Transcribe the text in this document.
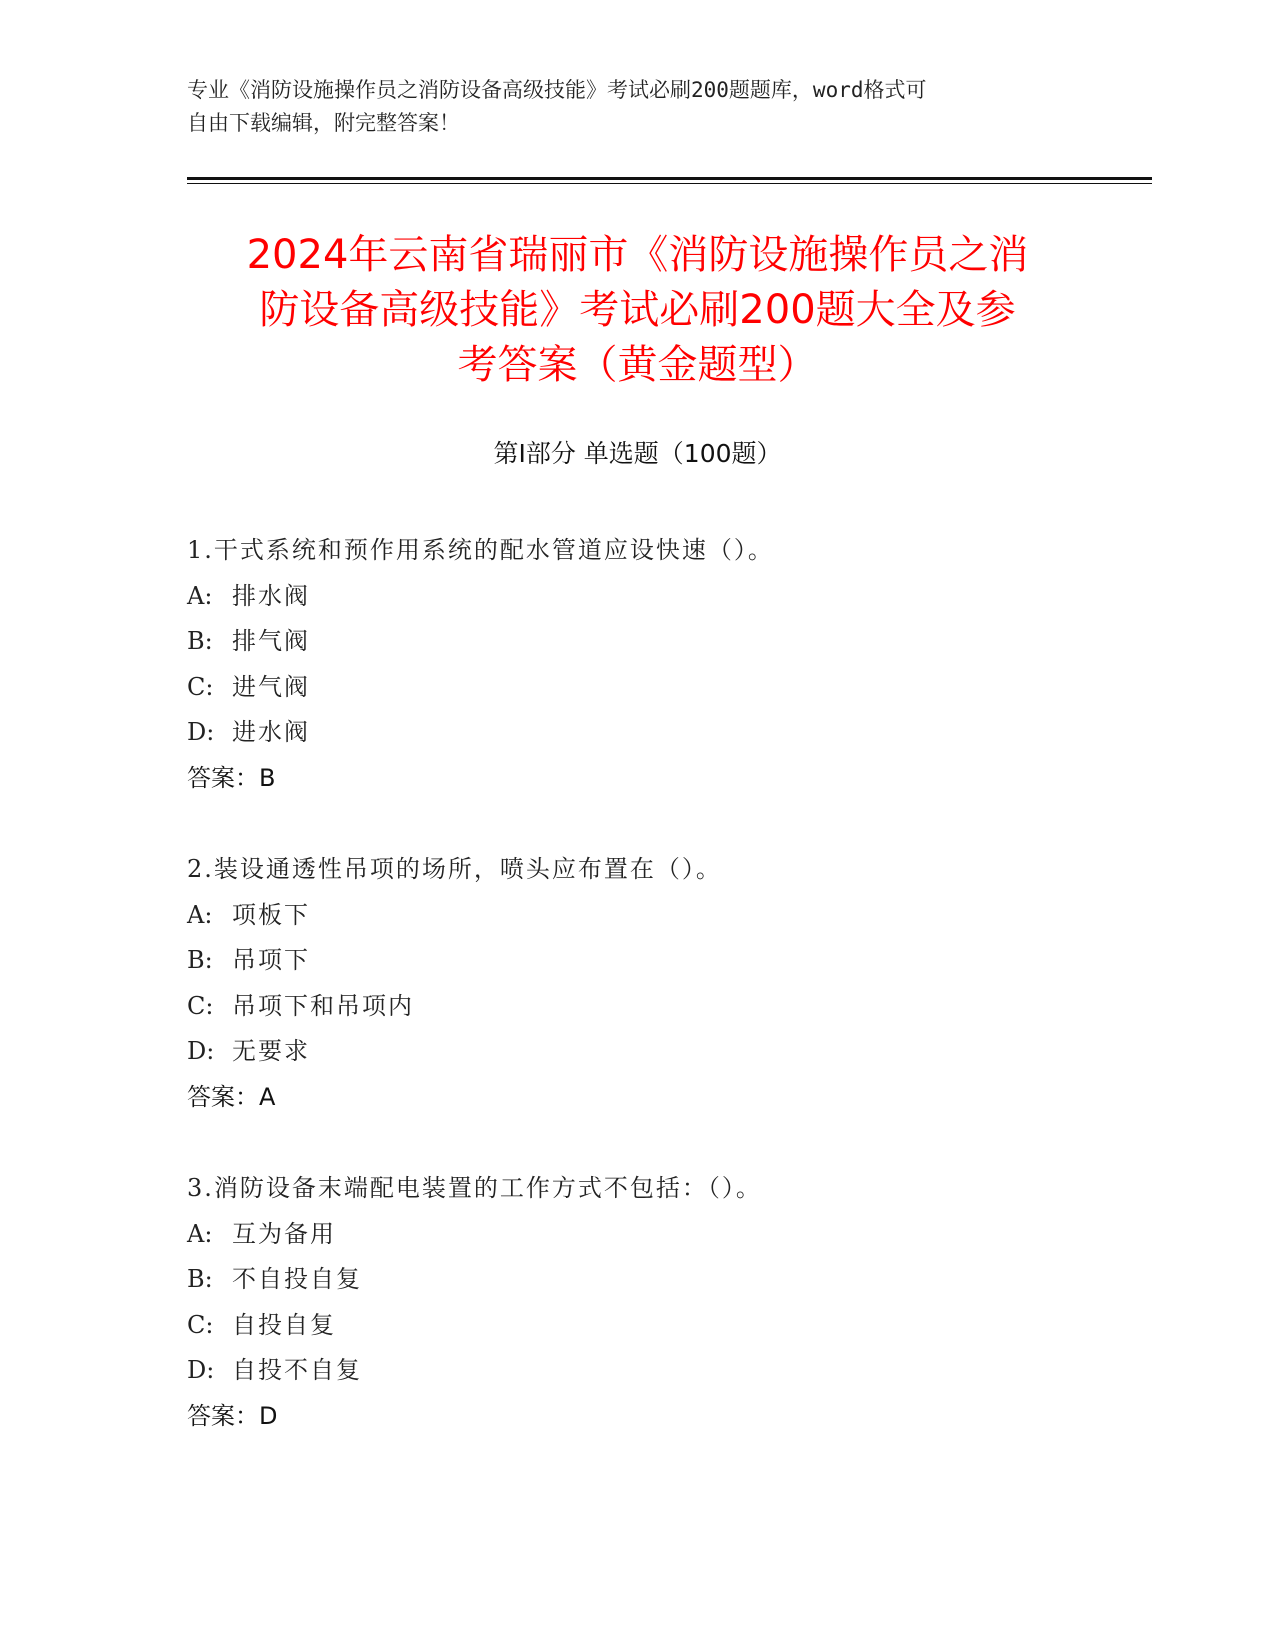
专业《消防设施操作员之消防设备高级技能》考试必刷200题题库，word格式可
自由下载编辑，附完整答案！
2024年云南省瑞丽市《消防设施操作员之消
防设备高级技能》考试必刷200题大全及参
考答案（黄金题型）
第Ⅰ部分 单选题（100题）
1.干式系统和预作用系统的配水管道应设快速（）。
A: 排水阀
B: 排气阀
C: 进气阀
D: 进水阀
答案：B
2.装设通透性吊项的场所，喷头应布置在（）。
A: 项板下
B: 吊项下
C: 吊项下和吊项内
D: 无要求
答案：A
3.消防设备末端配电装置的工作方式不包括：（）。
A: 互为备用
B: 不自投自复
C: 自投自复
D: 自投不自复
答案：D
